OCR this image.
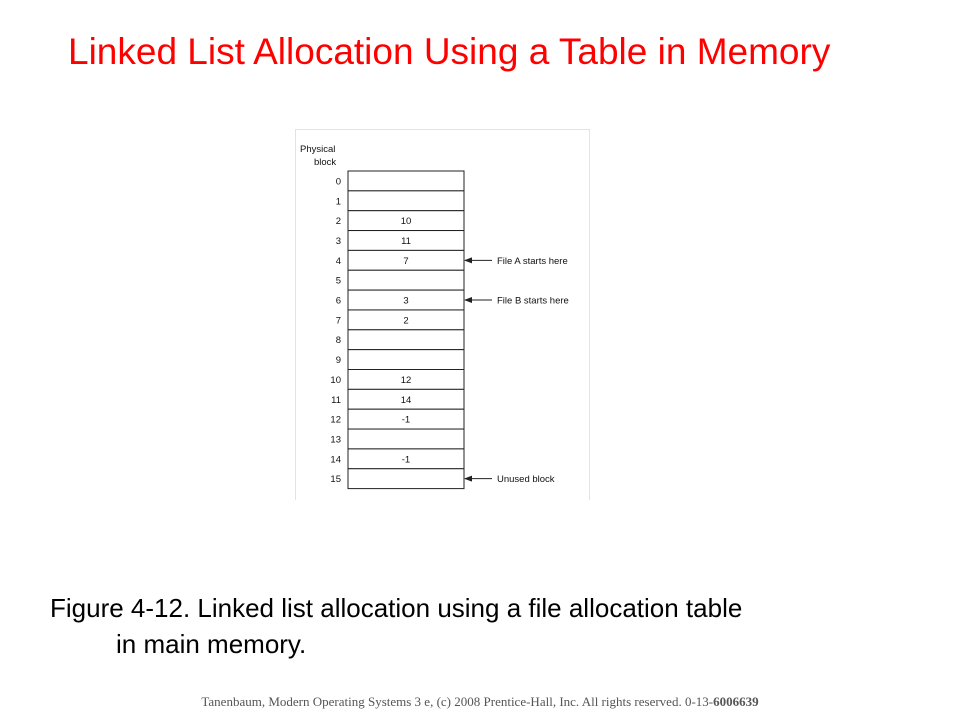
Linked List Allocation Using a Table in Memory
Physical
block
0
1
2	10
3	11
4	7
5
6	3
7	2
8
9
10	12
11	14
12	-1
13
14	-1
15
File A starts here
File B starts here
Unused block

Figure 4-12. Linked list allocation using a file allocation table
in main memory.

Tanenbaum, Modern Operating Systems 3 e, (c) 2008 Prentice-Hall, Inc. All rights reserved. 0-13-6006639
